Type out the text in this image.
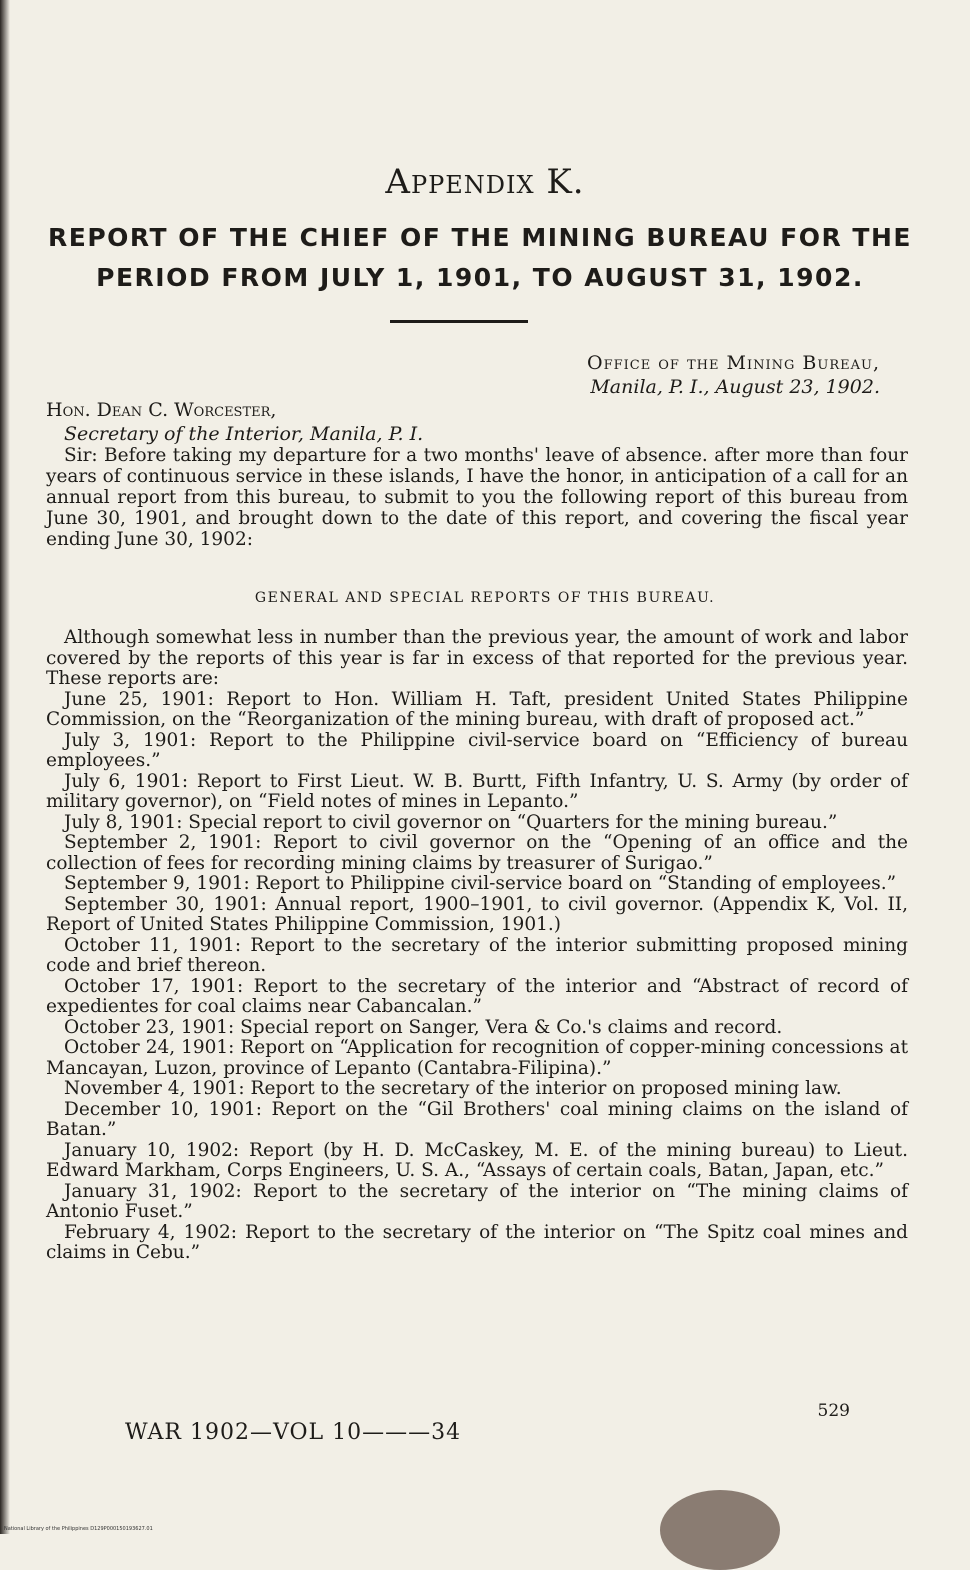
Appendix K.
REPORT OF THE CHIEF OF THE MINING BUREAU FOR THE PERIOD FROM JULY 1, 1901, TO AUGUST 31, 1902.
Office of the Mining Bureau,
Manila, P. I., August 23, 1902.
Hon. Dean C. Worcester,
Secretary of the Interior, Manila, P. I.

Sir: Before taking my departure for a two months' leave of absence. after more than four years of continuous service in these islands, I have the honor, in anticipation of a call for an annual report from this bureau, to submit to you the following report of this bureau from June 30, 1901, and brought down to the date of this report, and covering the fiscal year ending June 30, 1902:

GENERAL AND SPECIAL REPORTS OF THIS BUREAU.

Although somewhat less in number than the previous year, the amount of work and labor covered by the reports of this year is far in excess of that reported for the previous year. These reports are:

June 25, 1901: Report to Hon. William H. Taft, president United States Philippine Commission, on the “Reorganization of the mining bureau, with draft of proposed act.”

July 3, 1901: Report to the Philippine civil-service board on “Efficiency of bureau employees.”

July 6, 1901: Report to First Lieut. W. B. Burtt, Fifth Infantry, U. S. Army (by order of military governor), on “Field notes of mines in Lepanto.”

July 8, 1901: Special report to civil governor on “Quarters for the mining bureau.”

September 2, 1901: Report to civil governor on the “Opening of an office and the collection of fees for recording mining claims by treasurer of Surigao.”

September 9, 1901: Report to Philippine civil-service board on “Standing of employees.”

September 30, 1901: Annual report, 1900–1901, to civil governor. (Appendix K, Vol. II, Report of United States Philippine Commission, 1901.)

October 11, 1901: Report to the secretary of the interior submitting proposed mining code and brief thereon.

October 17, 1901: Report to the secretary of the interior and “Abstract of record of expedientes for coal claims near Cabancalan.”

October 23, 1901: Special report on Sanger, Vera & Co.'s claims and record.

October 24, 1901: Report on “Application for recognition of copper-mining concessions at Mancayan, Luzon, province of Lepanto (Cantabra-Filipina).”

November 4, 1901: Report to the secretary of the interior on proposed mining law.

December 10, 1901: Report on the “Gil Brothers' coal mining claims on the island of Batan.”

January 10, 1902: Report (by H. D. McCaskey, M. E. of the mining bureau) to Lieut. Edward Markham, Corps Engineers, U. S. A., “Assays of certain coals, Batan, Japan, etc.”

January 31, 1902: Report to the secretary of the interior on “The mining claims of Antonio Fuset.”

February 4, 1902: Report to the secretary of the interior on “The Spitz coal mines and claims in Cebu.”

529
WAR 1902—VOL 10———34
National Library of the Philippines D129P000150193627.01
